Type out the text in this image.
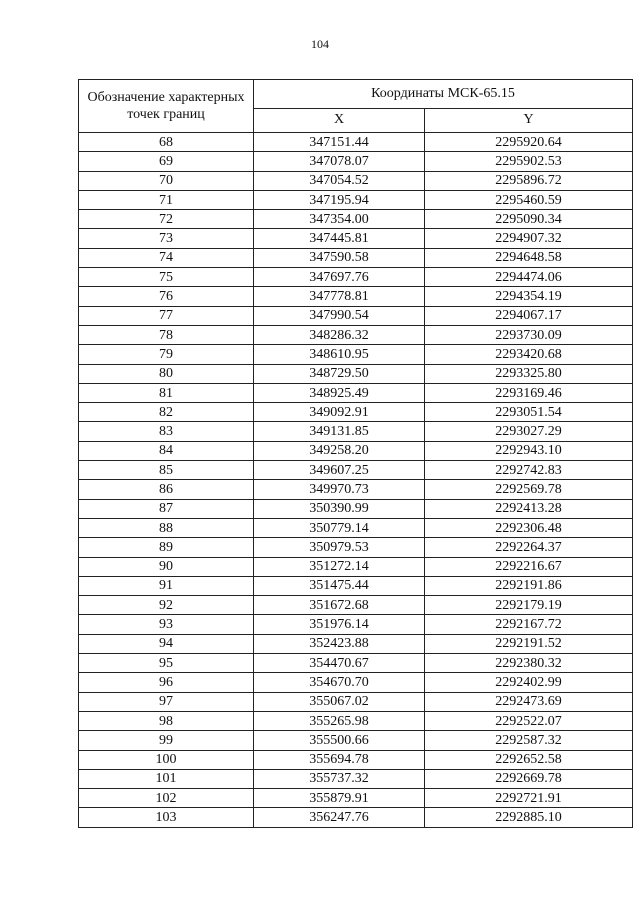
104
Обозначение характерных точек границ	Координаты МСК-65.15	
	X	Y
68	347151.44	2295920.64
69	347078.07	2295902.53
70	347054.52	2295896.72
71	347195.94	2295460.59
72	347354.00	2295090.34
73	347445.81	2294907.32
74	347590.58	2294648.58
75	347697.76	2294474.06
76	347778.81	2294354.19
77	347990.54	2294067.17
78	348286.32	2293730.09
79	348610.95	2293420.68
80	348729.50	2293325.80
81	348925.49	2293169.46
82	349092.91	2293051.54
83	349131.85	2293027.29
84	349258.20	2292943.10
85	349607.25	2292742.83
86	349970.73	2292569.78
87	350390.99	2292413.28
88	350779.14	2292306.48
89	350979.53	2292264.37
90	351272.14	2292216.67
91	351475.44	2292191.86
92	351672.68	2292179.19
93	351976.14	2292167.72
94	352423.88	2292191.52
95	354470.67	2292380.32
96	354670.70	2292402.99
97	355067.02	2292473.69
98	355265.98	2292522.07
99	355500.66	2292587.32
100	355694.78	2292652.58
101	355737.32	2292669.78
102	355879.91	2292721.91
103	356247.76	2292885.10
